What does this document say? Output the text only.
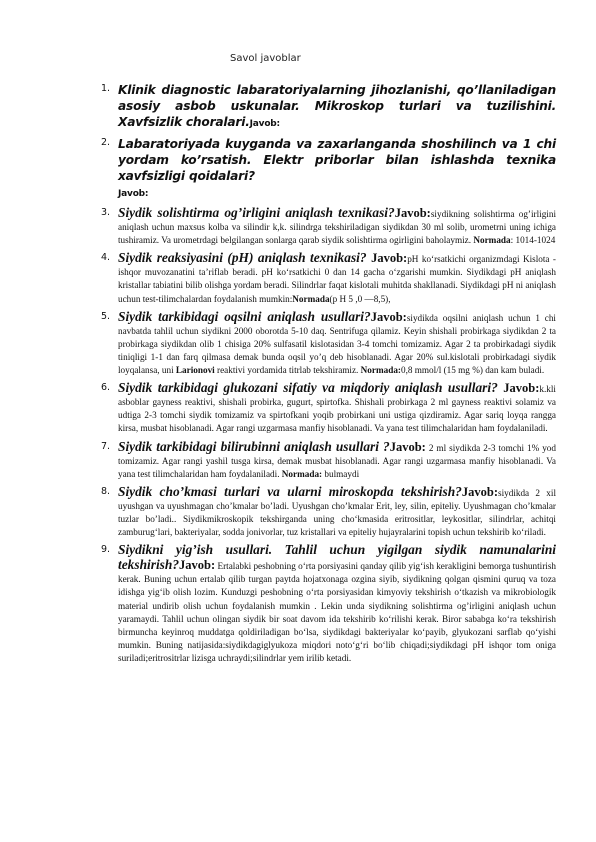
Savol javoblar
1. Klinik diagnostic labaratoriyalarning jihozlanishi, qo’llaniladigan asosiy asbob uskunalar. Mikroskop turlari va tuzilishini. Xavfsizlik choralari.Javob:
2. Labaratoriyada kuyganda va zaxarlanganda shoshilinch va 1 chi yordam ko’rsatish. Elektr priborlar bilan ishlashda texnika xavfsizligi qoidalari?
Javob:
3. Siydik solishtirma og’irligini aniqlash texnikasi?Javob:siydikning solishtirma og’irligini aniqlash uchun maxsus kolba va silindir k,k. silindrga tekshiriladigan siydikdan 30 ml solib, urometrni uning ichiga tushiramiz. Va urometrdagi belgilangan sonlarga qarab siydik solishtirma ogirligini baholaymiz. Normada: 1014-1024
4. Siydik reaksiyasini (pH) aniqlash texnikasi? Javob:pH ko‘rsatkichi organizmdagi Kislota - ishqor muvozanatini ta’riflab beradi. pH ko‘rsatkichi 0 dan 14 gacha o‘zgarishi mumkin. Siydikdagi pH aniqlash kristallar tabiatini bilib olishga yordam beradi. Silindrlar faqat kislotali muhitda shakllanadi. Siydikdagi pH ni aniqlash uchun test-tilimchalardan foydalanish mumkin:Normada(p H 5 ,0 —8,5),
5. Siydik tarkibidagi oqsilni aniqlash usullari?Javob:siydikda oqsilni aniqlash uchun 1 chi navbatda tahlil uchun siydikni 2000 oborotda 5-10 daq. Sentrifuga qilamiz. Keyin shishali probirkaga siydikdan 2 ta probirkaga siydikdan olib 1 chisiga 20% sulfasatil kislotasidan 3-4 tomchi tomizamiz. Agar 2 ta probirkadagi siydik tiniqligi 1-1 dan farq qilmasa demak bunda oqsil yo’q deb hisoblanadi. Agar 20% sul.kislotali probirkadagi siydik loyqalansa, uni Larionovi reaktivi yordamida titrlab tekshiramiz. Normada:0,8 mmol/l (15 mg %) dan kam buladi.
6. Siydik tarkibidagi glukozani sifatiy va miqdoriy aniqlash usullari? Javob:k.kli asboblar gayness reaktivi, shishali probirka, gugurt, spirtofka. Shishali probirkaga 2 ml gayness reaktivi solamiz va udtiga 2-3 tomchi siydik tomizamiz va spirtofkani yoqib probirkani uni ustiga qizdiramiz. Agar sariq loyqa rangga kirsa, musbat hisoblanadi. Agar rangi uzgarmasa manfiy hisoblanadi. Va yana test tilimchalaridan ham foydalaniladi.
7. Siydik tarkibidagi bilirubinni aniqlash usullari ?Javob: 2 ml siydikda 2-3 tomchi 1% yod tomizamiz. Agar rangi yashil tusga kirsa, demak musbat hisoblanadi. Agar rangi uzgarmasa manfiy hisoblanadi. Va yana test tilimchalaridan ham foydalaniladi. Normada: bulmaydi
8. Siydik cho’kmasi turlari va ularni miroskopda tekshirish?Javob:siydikda 2 xil uyushgan va uyushmagan cho’kmalar bo’ladi. Uyushgan cho’kmalar Erit, ley, silin, epiteliy. Uyushmagan cho’kmalar tuzlar bo’ladi.. Siydikmikroskopik tekshirganda uning cho‘kmasida eritrositlar, leykositlar, silindrlar, achitqi zamburug‘lari, bakteriyalar, sodda jonivorlar, tuz kristallari va epiteliy hujayralarini topish uchun tekshirib ko‘riladi.
9. Siydikni yig’ish usullari. Tahlil uchun yigilgan siydik namunalarini tekshirish?Javob: Ertalabki peshobning o‘rta porsiyasini qanday qilib yig‘ish kerakligini bemorga tushuntirish kerak. Buning uchun ertalab qilib turgan paytda hojatxonaga ozgina siyib, siydikning qolgan qismini quruq va toza idishga yig‘ib olish lozim. Kunduzgi peshobning o‘rta porsiyasidan kimyoviy tekshirish o‘tkazish va mikrobiologik material undirib olish uchun foydalanish mumkin . Lekin unda siydikning solishtirma og’irligini aniqlash uchun yaramaydi. Tahlil uchun olingan siydik bir soat davom ida tekshirib ko‘rilishi kerak. Biror sababga ko‘ra tekshirish birmuncha keyinroq muddatga qoldiriladigan bo‘lsa, siydikdagi bakteriyalar ko‘payib, glyukozani sarflab qo‘yishi mumkin. Buning natijasida:siydikdagiglyukoza miqdori noto‘g‘ri bo‘lib chiqadi;siydikdagi pH ishqor tom oniga suriladi;eritrositrlar lizisga uchraydi;silindrlar yem irilib ketadi.
